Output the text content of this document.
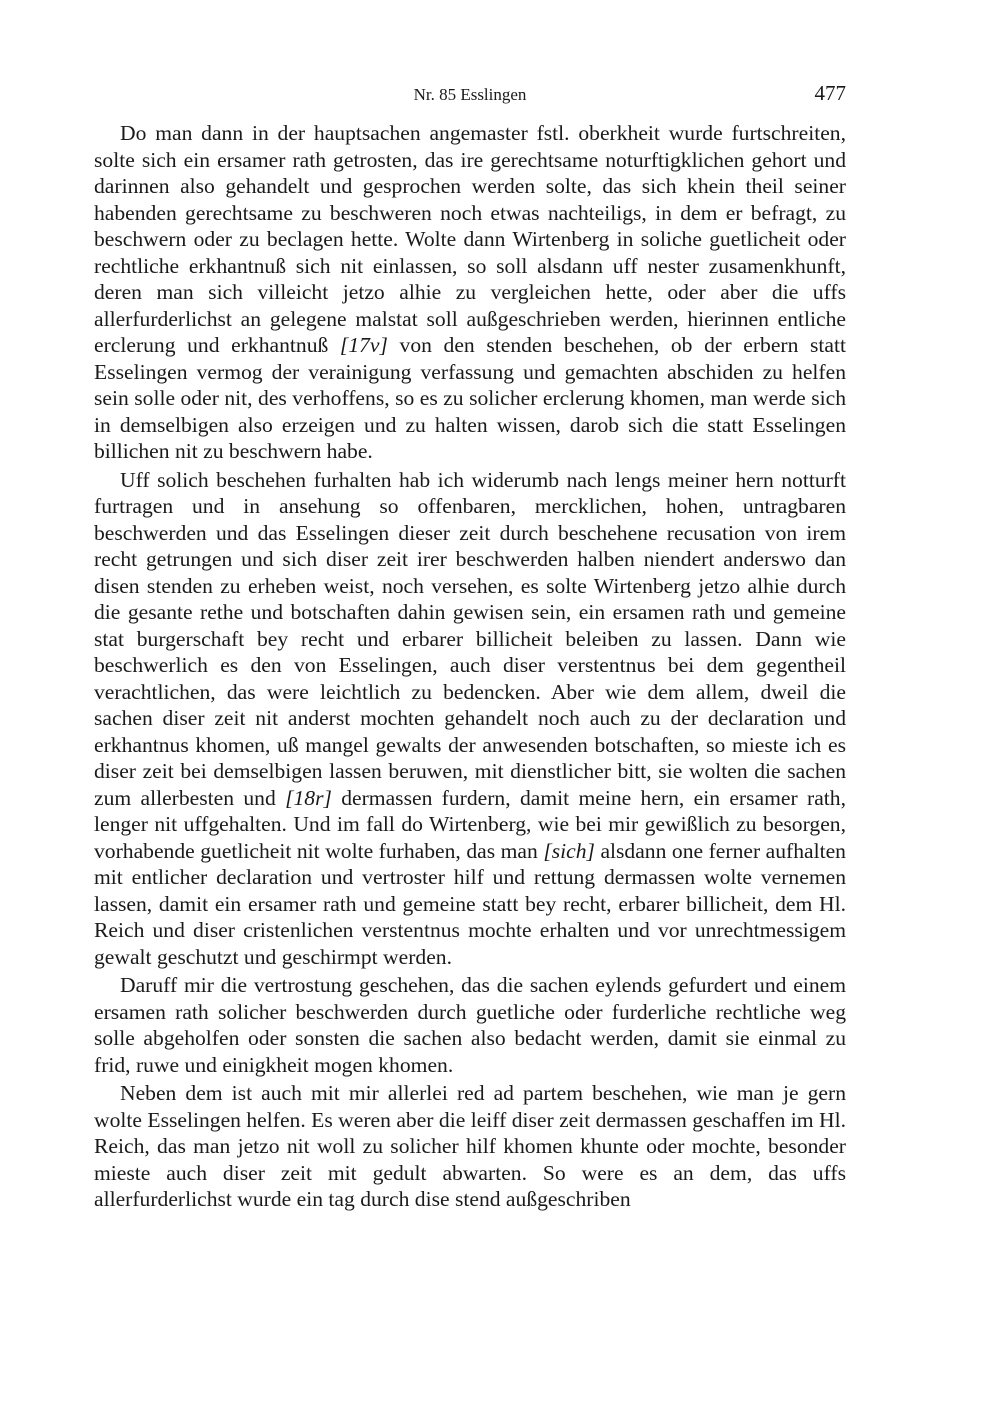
Nr. 85 Esslingen	477

Do man dann in der hauptsachen angemaster fstl. oberkheit wurde furtschreiten, solte sich ein ersamer rath getrosten, das ire gerechtsame noturftigklichen gehort und darinnen also gehandelt und gesprochen werden solte, das sich khein theil seiner habenden gerechtsame zu beschweren noch etwas nachteiligs, in dem er befragt, zu beschwern oder zu beclagen hette. Wolte dann Wirtenberg in soliche guetlicheit oder rechtliche erkhantnuß sich nit einlassen, so soll alsdann uff nester zusamenkhunft, deren man sich villeicht jetzo alhie zu vergleichen hette, oder aber die uffs allerfurderlichst an gelegene malstat soll außgeschrieben werden, hierinnen entliche erclerung und erkhantnuß [17v] von den stenden beschehen, ob der erbern statt Esselingen vermog der verainigung verfassung und gemachten abschiden zu helfen sein solle oder nit, des verhoffens, so es zu solicher erclerung khomen, man werde sich in demselbigen also erzeigen und zu halten wissen, darob sich die statt Esselingen billichen nit zu beschwern habe.

Uff solich beschehen furhalten hab ich widerumb nach lengs meiner hern notturft furtragen und in ansehung so offenbaren, mercklichen, hohen, untragbaren beschwerden und das Esselingen dieser zeit durch beschehene recusation von irem recht getrungen und sich diser zeit irer beschwerden halben niendert anderswo dan disen stenden zu erheben weist, noch versehen, es solte Wirtenberg jetzo alhie durch die gesante rethe und botschaften dahin gewisen sein, ein ersamen rath und gemeine stat burgerschaft bey recht und erbarer billicheit beleiben zu lassen. Dann wie beschwerlich es den von Esselingen, auch diser verstentnus bei dem gegentheil verachtlichen, das were leichtlich zu bedencken. Aber wie dem allem, dweil die sachen diser zeit nit anderst mochten gehandelt noch auch zu der declaration und erkhantnus khomen, uß mangel gewalts der anwesenden botschaften, so mieste ich es diser zeit bei demselbigen lassen beruwen, mit dienstlicher bitt, sie wolten die sachen zum allerbesten und [18r] dermassen furdern, damit meine hern, ein ersamer rath, lenger nit uffgehalten. Und im fall do Wirtenberg, wie bei mir gewißlich zu besorgen, vorhabende guetlicheit nit wolte furhaben, das man [sich] alsdann one ferner aufhalten mit entlicher declaration und vertroster hilf und rettung dermassen wolte vernemen lassen, damit ein ersamer rath und gemeine statt bey recht, erbarer billicheit, dem Hl. Reich und diser cristenlichen verstentnus mochte erhalten und vor unrechtmessigem gewalt geschutzt und geschirmpt werden.

Daruff mir die vertrostung geschehen, das die sachen eylends gefurdert und einem ersamen rath solicher beschwerden durch guetliche oder furderliche rechtliche weg solle abgeholfen oder sonsten die sachen also bedacht werden, damit sie einmal zu frid, ruwe und einigkheit mogen khomen.

Neben dem ist auch mit mir allerlei red ad partem beschehen, wie man je gern wolte Esselingen helfen. Es weren aber die leiff diser zeit dermassen geschaffen im Hl. Reich, das man jetzo nit woll zu solicher hilf khomen khunte oder mochte, besonder mieste auch diser zeit mit gedult abwarten. So were es an dem, das uffs allerfurderlichst wurde ein tag durch dise stend außgeschriben
